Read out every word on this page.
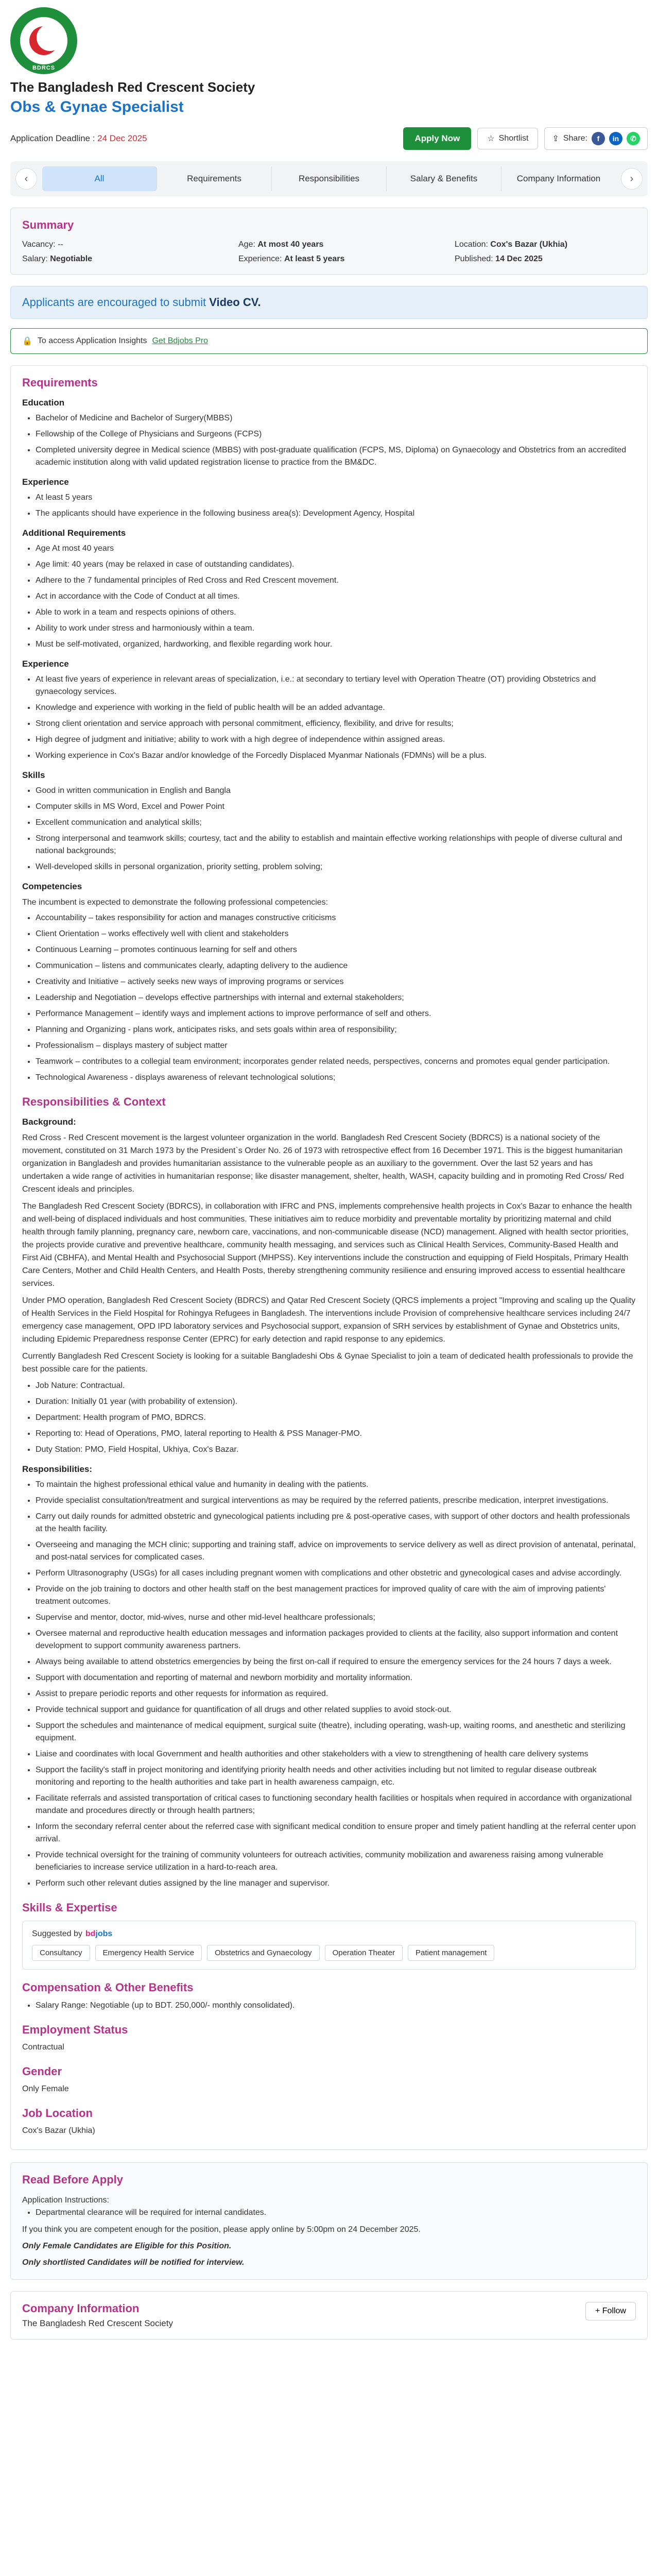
BDRCS
The Bangladesh Red Crescent Society
Obs & Gynae Specialist
Application Deadline : 24 Dec 2025	Apply Now	☆ Shortlist	⇪ Share:	f	in	✆
‹	All	Requirements	Responsibilities	Salary & Benefits	Company Information	›
Summary
Vacancy: --	Age: At most 40 years	Location: Cox's Bazar (Ukhia)
Salary: Negotiable	Experience: At least 5 years	Published: 14 Dec 2025
Applicants are encouraged to submit Video CV.
🔒 To access Application Insights Get Bdjobs Pro
Requirements
Education
• Bachelor of Medicine and Bachelor of Surgery(MBBS)
• Fellowship of the College of Physicians and Surgeons (FCPS)
• Completed university degree in Medical science (MBBS) with post-graduate qualification (FCPS, MS, Diploma) on Gynaecology and Obstetrics from an accredited academic institution along with valid updated registration license to practice from the BM&DC.
Experience
• At least 5 years
• The applicants should have experience in the following business area(s): Development Agency, Hospital
Additional Requirements
• Age At most 40 years
• Age limit: 40 years (may be relaxed in case of outstanding candidates).
• Adhere to the 7 fundamental principles of Red Cross and Red Crescent movement.
• Act in accordance with the Code of Conduct at all times.
• Able to work in a team and respects opinions of others.
• Ability to work under stress and harmoniously within a team.
• Must be self-motivated, organized, hardworking, and flexible regarding work hour.
Experience
• At least five years of experience in relevant areas of specialization, i.e.: at secondary to tertiary level with Operation Theatre (OT) providing Obstetrics and gynaecology services.
• Knowledge and experience with working in the field of public health will be an added advantage.
• Strong client orientation and service approach with personal commitment, efficiency, flexibility, and drive for results;
• High degree of judgment and initiative; ability to work with a high degree of independence within assigned areas.
• Working experience in Cox's Bazar and/or knowledge of the Forcedly Displaced Myanmar Nationals (FDMNs) will be a plus.
Skills
• Good in written communication in English and Bangla
• Computer skills in MS Word, Excel and Power Point
• Excellent communication and analytical skills;
• Strong interpersonal and teamwork skills; courtesy, tact and the ability to establish and maintain effective working relationships with people of diverse cultural and national backgrounds;
• Well-developed skills in personal organization, priority setting, problem solving;
Competencies

The incumbent is expected to demonstrate the following professional competencies:

• Accountability – takes responsibility for action and manages constructive criticisms
• Client Orientation – works effectively well with client and stakeholders
• Continuous Learning – promotes continuous learning for self and others
• Communication – listens and communicates clearly, adapting delivery to the audience
• Creativity and Initiative – actively seeks new ways of improving programs or services
• Leadership and Negotiation – develops effective partnerships with internal and external stakeholders;
• Performance Management – identify ways and implement actions to improve performance of self and others.
• Planning and Organizing - plans work, anticipates risks, and sets goals within area of responsibility;
• Professionalism – displays mastery of subject matter
• Teamwork – contributes to a collegial team environment; incorporates gender related needs, perspectives, concerns and promotes equal gender participation.
• Technological Awareness - displays awareness of relevant technological solutions;
Responsibilities & Context
Background:

Red Cross - Red Crescent movement is the largest volunteer organization in the world. Bangladesh Red Crescent Society (BDRCS) is a national society of the movement, constituted on 31 March 1973 by the President`s Order No. 26 of 1973 with retrospective effect from 16 December 1971. This is the biggest humanitarian organization in Bangladesh and provides humanitarian assistance to the vulnerable people as an auxiliary to the government. Over the last 52 years and has undertaken a wide range of activities in humanitarian response; like disaster management, shelter, health, WASH, capacity building and in promoting Red Cross/ Red Crescent ideals and principles.

The Bangladesh Red Crescent Society (BDRCS), in collaboration with IFRC and PNS, implements comprehensive health projects in Cox's Bazar to enhance the health and well-being of displaced individuals and host communities. These initiatives aim to reduce morbidity and preventable mortality by prioritizing maternal and child health through family planning, pregnancy care, newborn care, vaccinations, and non-communicable disease (NCD) management. Aligned with health sector priorities, the projects provide curative and preventive healthcare, community health messaging, and services such as Clinical Health Services, Community-Based Health and First Aid (CBHFA), and Mental Health and Psychosocial Support (MHPSS). Key interventions include the construction and equipping of Field Hospitals, Primary Health Care Centers, Mother and Child Health Centers, and Health Posts, thereby strengthening community resilience and ensuring improved access to essential healthcare services.

Under PMO operation, Bangladesh Red Crescent Society (BDRCS) and Qatar Red Crescent Society (QRCS implements a project "Improving and scaling up the Quality of Health Services in the Field Hospital for Rohingya Refugees in Bangladesh. The interventions include Provision of comprehensive healthcare services including 24/7 emergency case management, OPD IPD laboratory services and Psychosocial support, expansion of SRH services by establishment of Gynae and Obstetrics units, including Epidemic Preparedness response Center (EPRC) for early detection and rapid response to any epidemics.

Currently Bangladesh Red Crescent Society is looking for a suitable Bangladeshi Obs & Gynae Specialist to join a team of dedicated health professionals to provide the best possible care for the patients.

• Job Nature: Contractual.
• Duration: Initially 01 year (with probability of extension).
• Department: Health program of PMO, BDRCS.
• Reporting to: Head of Operations, PMO, lateral reporting to Health & PSS Manager-PMO.
• Duty Station: PMO, Field Hospital, Ukhiya, Cox's Bazar.
Responsibilities:
• To maintain the highest professional ethical value and humanity in dealing with the patients.
• Provide specialist consultation/treatment and surgical interventions as may be required by the referred patients, prescribe medication, interpret investigations.
• Carry out daily rounds for admitted obstetric and gynecological patients including pre & post-operative cases, with support of other doctors and health professionals at the health facility.
• Overseeing and managing the MCH clinic; supporting and training staff, advice on improvements to service delivery as well as direct provision of antenatal, perinatal, and post-natal services for complicated cases.
• Perform Ultrasonography (USGs) for all cases including pregnant women with complications and other obstetric and gynecological cases and advise accordingly.
• Provide on the job training to doctors and other health staff on the best management practices for improved quality of care with the aim of improving patients' treatment outcomes.
• Supervise and mentor, doctor, mid-wives, nurse and other mid-level healthcare professionals;
• Oversee maternal and reproductive health education messages and information packages provided to clients at the facility, also support information and content development to support community awareness partners.
• Always being available to attend obstetrics emergencies by being the first on-call if required to ensure the emergency services for the 24 hours 7 days a week.
• Support with documentation and reporting of maternal and newborn morbidity and mortality information.
• Assist to prepare periodic reports and other requests for information as required.
• Provide technical support and guidance for quantification of all drugs and other related supplies to avoid stock-out.
• Support the schedules and maintenance of medical equipment, surgical suite (theatre), including operating, wash-up, waiting rooms, and anesthetic and sterilizing equipment.
• Liaise and coordinates with local Government and health authorities and other stakeholders with a view to strengthening of health care delivery systems
• Support the facility's staff in project monitoring and identifying priority health needs and other activities including but not limited to regular disease outbreak monitoring and reporting to the health authorities and take part in health awareness campaign, etc.
• Facilitate referrals and assisted transportation of critical cases to functioning secondary health facilities or hospitals when required in accordance with organizational mandate and procedures directly or through health partners;
• Inform the secondary referral center about the referred case with significant medical condition to ensure proper and timely patient handling at the referral center upon arrival.
• Provide technical oversight for the training of community volunteers for outreach activities, community mobilization and awareness raising among vulnerable beneficiaries to increase service utilization in a hard-to-reach area.
• Perform such other relevant duties assigned by the line manager and supervisor.
Skills & Expertise
Suggested by bdjobs
Consultancy	Emergency Health Service	Obstetrics and Gynaecology	Operation Theater	Patient management
Compensation & Other Benefits
• Salary Range: Negotiable (up to BDT. 250,000/- monthly consolidated).
Employment Status

Contractual

Gender

Only Female

Job Location

Cox's Bazar (Ukhia)

Read Before Apply

Application Instructions:

• Departmental clearance will be required for internal candidates.

If you think you are competent enough for the position, please apply online by 5:00pm on 24 December 2025.

Only Female Candidates are Eligible for this Position.

Only shortlisted Candidates will be notified for interview.

Company Information
The Bangladesh Red Crescent Society
+ Follow
